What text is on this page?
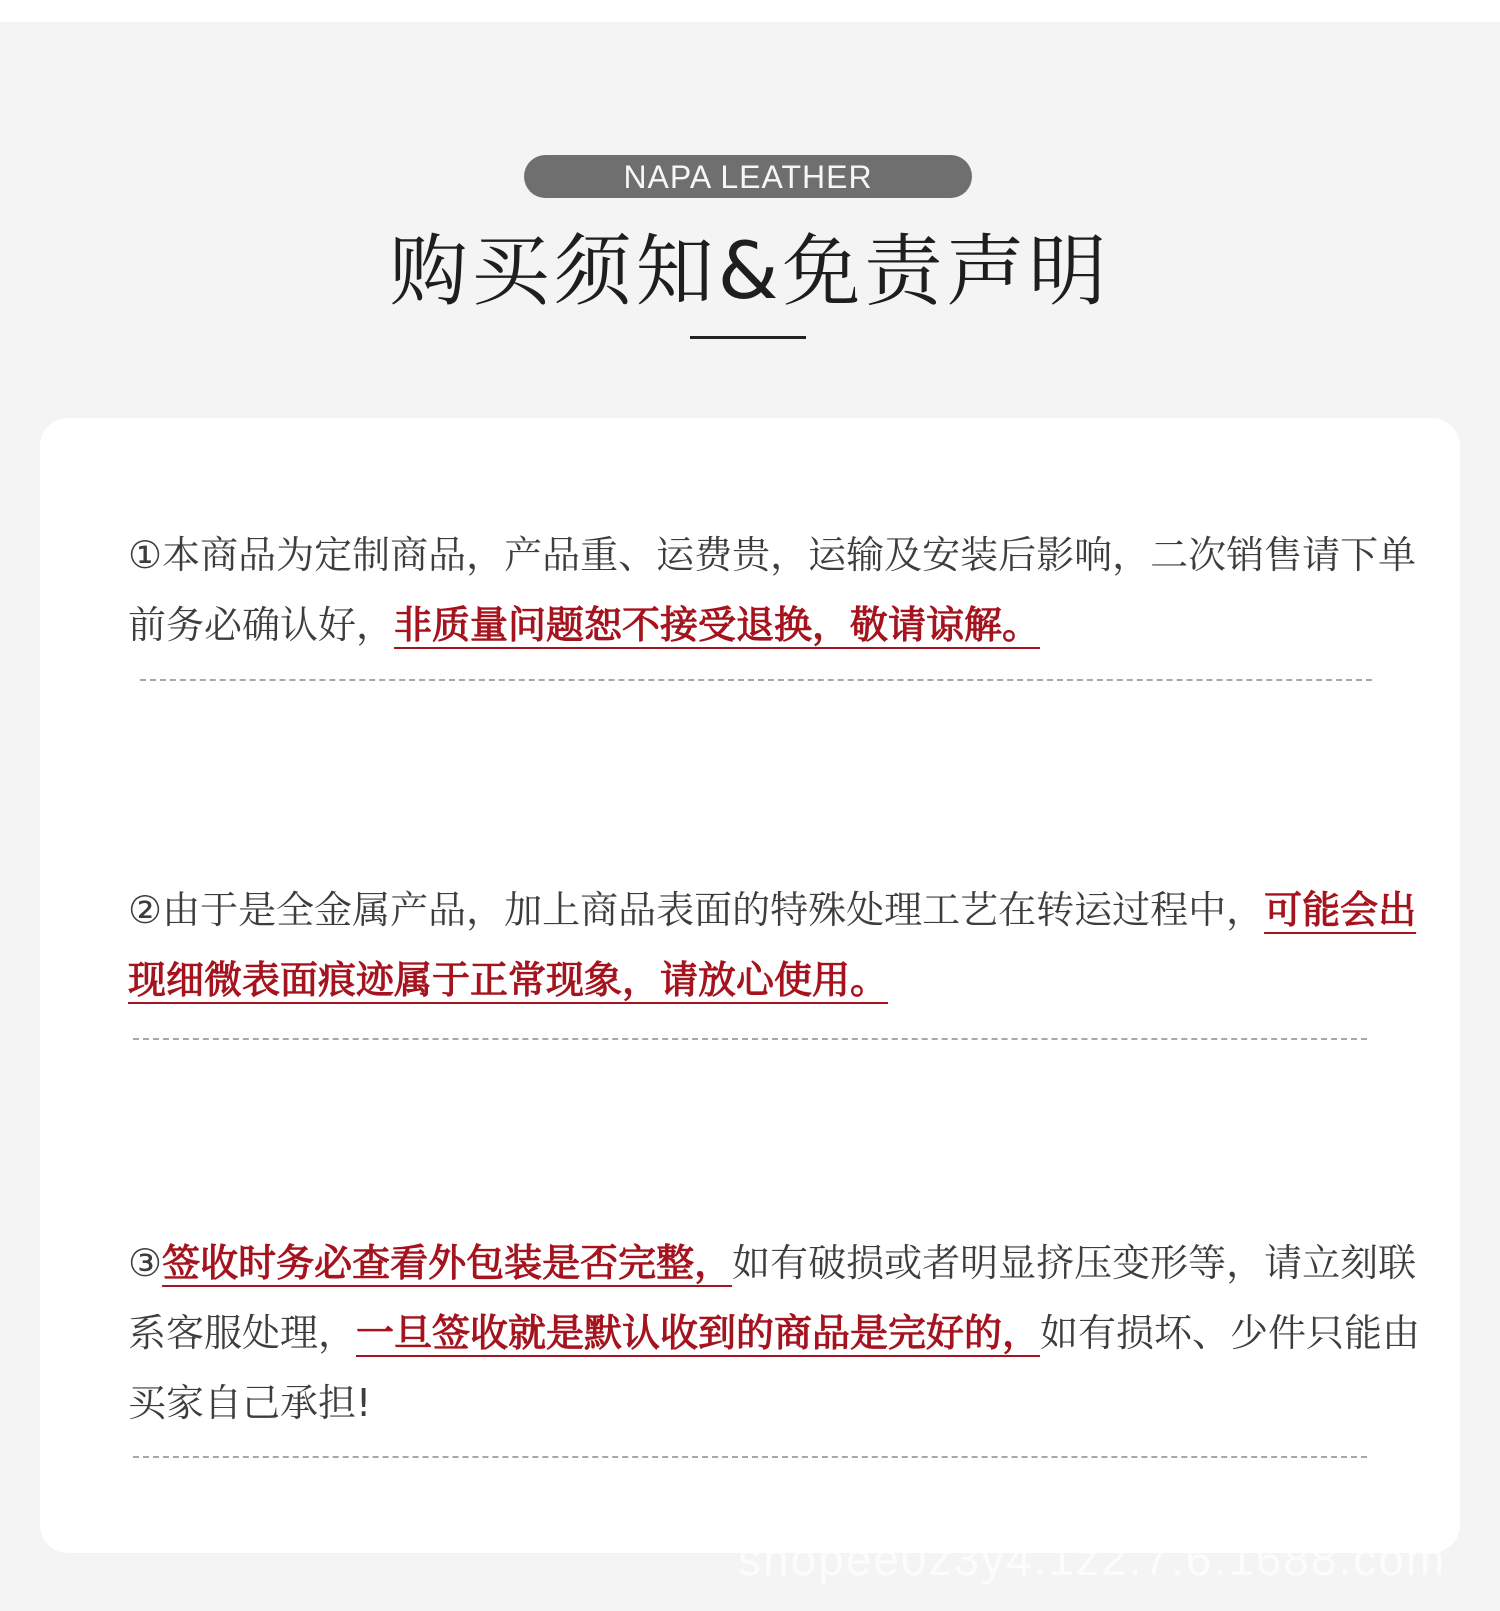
NAPA LEATHER
购买须知&免责声明
①本商品为定制商品，产品重、运费贵，运输及安装后影响，二次销售请下单前务必确认好，非质量问题恕不接受退换，敬请谅解。
②由于是全金属产品，加上商品表面的特殊处理工艺在转运过程中，可能会出现细微表面痕迹属于正常现象，请放心使用。
③签收时务必查看外包装是否完整，如有破损或者明显挤压变形等，请立刻联系客服处理，一旦签收就是默认收到的商品是完好的，如有损坏、少件只能由买家自己承担!
shopee0z3y4.1z2.7.6.1688.com
